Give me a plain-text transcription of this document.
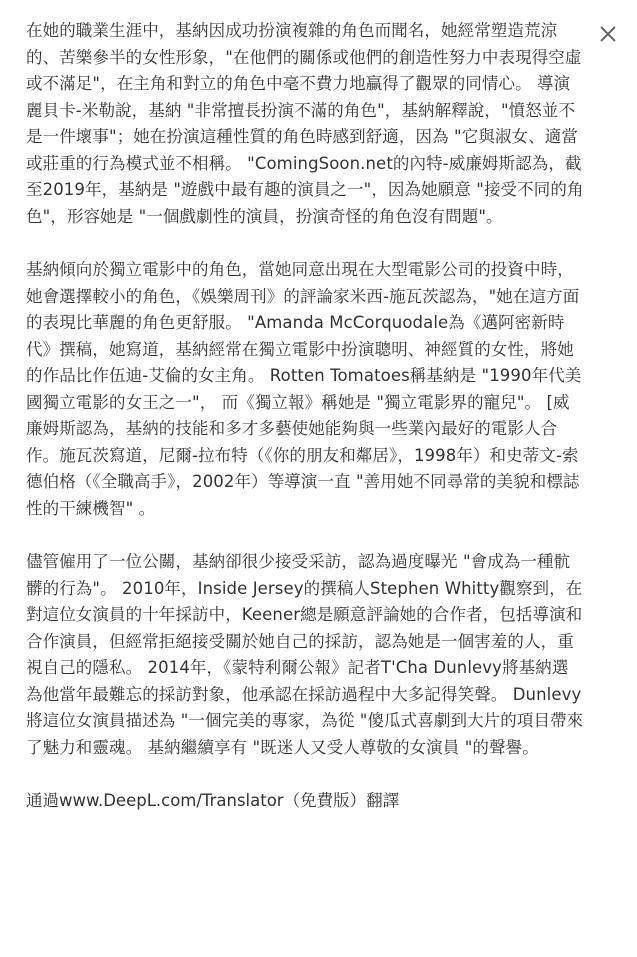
在她的職業生涯中，基納因成功扮演複雜的角色而聞名，她經常塑造荒涼的、苦樂參半的女性形象，"在他們的關係或他們的創造性努力中表現得空虛或不滿足"，在主角和對立的角色中毫不費力地贏得了觀眾的同情心。 導演麗貝卡-米勒說，基納 "非常擅長扮演不滿的角色"，基納解釋說，"憤怒並不是一件壞事"；她在扮演這種性質的角色時感到舒適，因為 "它與淑女、適當或莊重的行為模式並不相稱。 "ComingSoon.net的內特-威廉姆斯認為，截至2019年，基納是 "遊戲中最有趣的演員之一"，因為她願意 "接受不同的角色"，形容她是 "一個戲劇性的演員，扮演奇怪的角色沒有問題"。

基納傾向於獨立電影中的角色，當她同意出現在大型電影公司的投資中時，她會選擇較小的角色，《娛樂周刊》的評論家米西-施瓦茨認為，"她在這方面的表現比華麗的角色更舒服。 "Amanda McCorquodale為《邁阿密新時代》撰稿，她寫道，基納經常在獨立電影中扮演聰明、神經質的女性，將她的作品比作伍迪-艾倫的女主角。 Rotten Tomatoes稱基納是 "1990年代美國獨立電影的女王之一"， 而《獨立報》稱她是 "獨立電影界的寵兒"。 [威廉姆斯認為，基納的技能和多才多藝使她能夠與一些業內最好的電影人合作。施瓦茨寫道，尼爾-拉布特（《你的朋友和鄰居》，1998年）和史蒂文-索德伯格（《全職高手》，2002年）等導演一直 "善用她不同尋常的美貌和標誌性的干練機智" 。

儘管僱用了一位公關，基納卻很少接受采訪，認為過度曝光 "會成為一種骯髒的行為"。 2010年，Inside Jersey的撰稿人Stephen Whitty觀察到，在對這位女演員的十年採訪中，Keener總是願意評論她的合作者，包括導演和合作演員，但經常拒絕接受關於她自己的採訪，認為她是一個害羞的人，重視自己的隱私。 2014年，《蒙特利爾公報》記者T'Cha Dunlevy將基納選為他當年最難忘的採訪對象，他承認在採訪過程中大多記得笑聲。 Dunlevy將這位女演員描述為 "一個完美的專家，為從 "傻瓜式喜劇到大片的項目帶來了魅力和靈魂。 基納繼續享有 "既迷人又受人尊敬的女演員 "的聲譽。

通過www.DeepL.com/Translator（免費版）翻譯
